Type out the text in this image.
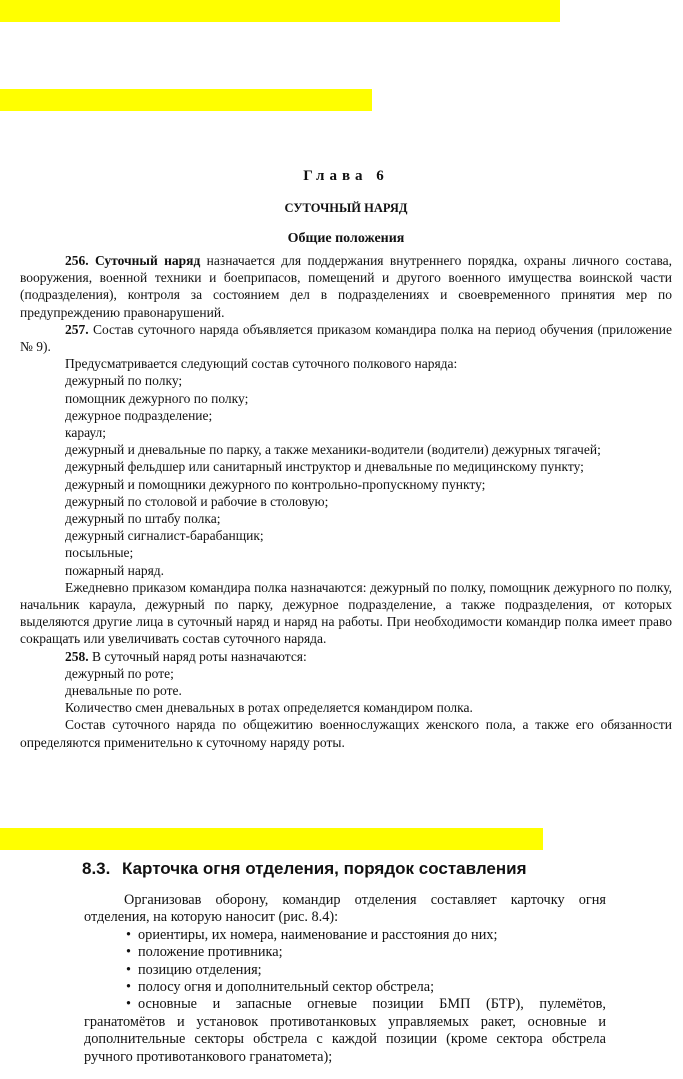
Глава 6

СУТОЧНЫЙ НАРЯД

Общие положения

256. Суточный наряд назначается для поддержания внутреннего порядка, охраны личного состава, вооружения, военной техники и боеприпасов, помещений и другого военного имущества воинской части (подразделения), контроля за состоянием дел в подразделениях и своевременного принятия мер по предупреждению правонарушений.

257. Состав суточного наряда объявляется приказом командира полка на период обучения (приложение № 9).

Предусматривается следующий состав суточного полкового наряда:

дежурный по полку;

помощник дежурного по полку;

дежурное подразделение;

караул;

дежурный и дневальные по парку, а также механики-водители (водители) дежурных тягачей;

дежурный фельдшер или санитарный инструктор и дневальные по медицинскому пункту;

дежурный и помощники дежурного по контрольно-пропускному пункту;

дежурный по столовой и рабочие в столовую;

дежурный по штабу полка;

дежурный сигналист-барабанщик;

посыльные;

пожарный наряд.

Ежедневно приказом командира полка назначаются: дежурный по полку, помощник дежурного по полку, начальник караула, дежурный по парку, дежурное подразделение, а также подразделения, от которых выделяются другие лица в суточный наряд и наряд на работы. При необходимости командир полка имеет право сокращать или увеличивать состав суточного наряда.

258. В суточный наряд роты назначаются:

дежурный по роте;

дневальные по роте.

Количество смен дневальных в ротах определяется командиром полка.

Состав суточного наряда по общежитию военнослужащих женского пола, а также его обязанности определяются применительно к суточному наряду роты.

8.3. Карточка огня отделения, порядок составления

Организовав оборону, командир отделения составляет карточку огня отделения, на которую наносит (рис. 8.4):

• ориентиры, их номера, наименование и расстояния до них;

• положение противника;

• позицию отделения;

• полосу огня и дополнительный сектор обстрела;

• основные и запасные огневые позиции БМП (БТР), пулемётов, гранатомётов и установок противотанковых управляемых ракет, основные и дополнительные секторы обстрела с каждой позиции (кроме сектора обстрела ручного противотанкового гранатомета);
